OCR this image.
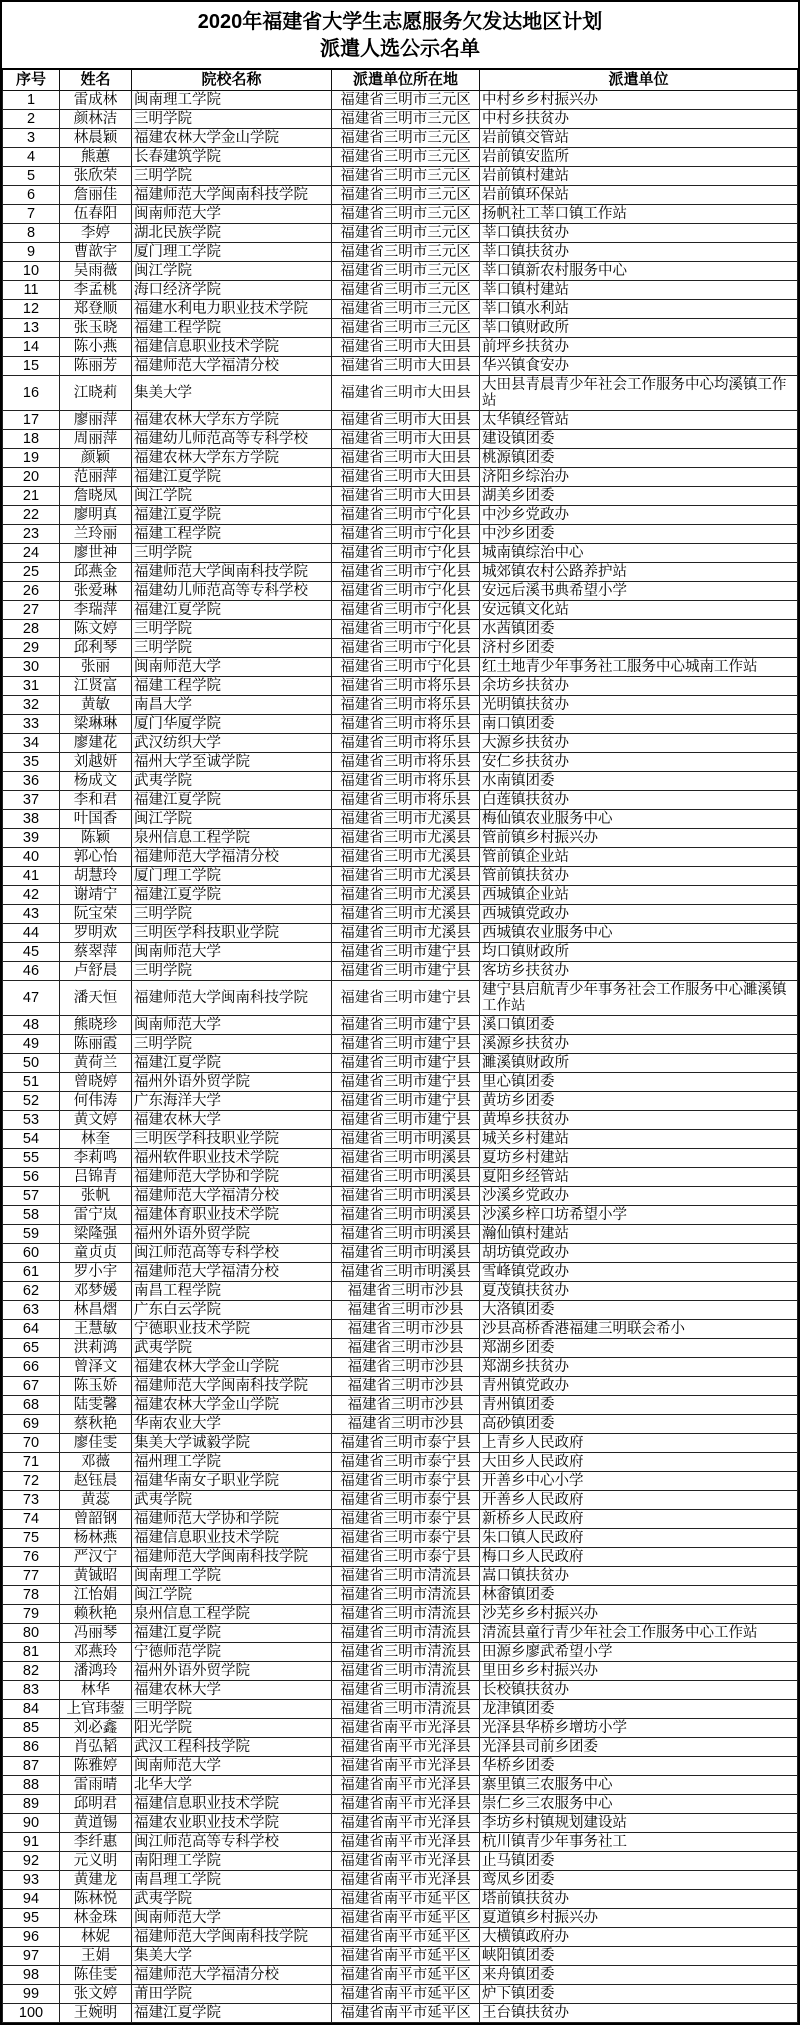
2020年福建省大学生志愿服务欠发达地区计划
派遣人选公示名单
序号	姓名	院校名称	派遣单位所在地	派遣单位
1	雷成林	闽南理工学院	福建省三明市三元区	中村乡乡村振兴办
2	颜林洁	三明学院	福建省三明市三元区	中村乡扶贫办
3	林晨颖	福建农林大学金山学院	福建省三明市三元区	岩前镇交管站
4	熊蕙	长春建筑学院	福建省三明市三元区	岩前镇安监所
5	张欣荣	三明学院	福建省三明市三元区	岩前镇村建站
6	詹丽佳	福建师范大学闽南科技学院	福建省三明市三元区	岩前镇环保站
7	伍春阳	闽南师范大学	福建省三明市三元区	扬帆社工莘口镇工作站
8	李婷	湖北民族学院	福建省三明市三元区	莘口镇扶贫办
9	曹歆宇	厦门理工学院	福建省三明市三元区	莘口镇扶贫办
10	吴雨薇	闽江学院	福建省三明市三元区	莘口镇新农村服务中心
11	李孟桃	海口经济学院	福建省三明市三元区	莘口镇村建站
12	郑登顺	福建水利电力职业技术学院	福建省三明市三元区	莘口镇水利站
13	张玉晓	福建工程学院	福建省三明市三元区	莘口镇财政所
14	陈小燕	福建信息职业技术学院	福建省三明市大田县	前坪乡扶贫办
15	陈丽芳	福建师范大学福清分校	福建省三明市大田县	华兴镇食安办
16	江晓莉	集美大学	福建省三明市大田县	大田县青晨青少年社会工作服务中心均溪镇工作站
17	廖丽萍	福建农林大学东方学院	福建省三明市大田县	太华镇经管站
18	周丽萍	福建幼儿师范高等专科学校	福建省三明市大田县	建设镇团委
19	颜颖	福建农林大学东方学院	福建省三明市大田县	桃源镇团委
20	范丽萍	福建江夏学院	福建省三明市大田县	济阳乡综治办
21	詹晓凤	闽江学院	福建省三明市大田县	湖美乡团委
22	廖明真	福建江夏学院	福建省三明市宁化县	中沙乡党政办
23	兰玲丽	福建工程学院	福建省三明市宁化县	中沙乡团委
24	廖世神	三明学院	福建省三明市宁化县	城南镇综治中心
25	邱燕金	福建师范大学闽南科技学院	福建省三明市宁化县	城郊镇农村公路养护站
26	张爱琳	福建幼儿师范高等专科学校	福建省三明市宁化县	安远后溪书典希望小学
27	李瑞萍	福建江夏学院	福建省三明市宁化县	安远镇文化站
28	陈文婷	三明学院	福建省三明市宁化县	水茜镇团委
29	邱利琴	三明学院	福建省三明市宁化县	济村乡团委
30	张丽	闽南师范大学	福建省三明市宁化县	红土地青少年事务社工服务中心城南工作站
31	江贤富	福建工程学院	福建省三明市将乐县	余坊乡扶贫办
32	黄敏	南昌大学	福建省三明市将乐县	光明镇扶贫办
33	梁琳琳	厦门华厦学院	福建省三明市将乐县	南口镇团委
34	廖建花	武汉纺织大学	福建省三明市将乐县	大源乡扶贫办
35	刘越妍	福州大学至诚学院	福建省三明市将乐县	安仁乡扶贫办
36	杨成文	武夷学院	福建省三明市将乐县	水南镇团委
37	李和君	福建江夏学院	福建省三明市将乐县	白莲镇扶贫办
38	叶国香	闽江学院	福建省三明市尤溪县	梅仙镇农业服务中心
39	陈颖	泉州信息工程学院	福建省三明市尤溪县	管前镇乡村振兴办
40	郭心怡	福建师范大学福清分校	福建省三明市尤溪县	管前镇企业站
41	胡慧玲	厦门理工学院	福建省三明市尤溪县	管前镇扶贫办
42	谢靖宁	福建江夏学院	福建省三明市尤溪县	西城镇企业站
43	阮宝荣	三明学院	福建省三明市尤溪县	西城镇党政办
44	罗明欢	三明医学科技职业学院	福建省三明市尤溪县	西城镇农业服务中心
45	蔡翠萍	闽南师范大学	福建省三明市建宁县	均口镇财政所
46	卢舒晨	三明学院	福建省三明市建宁县	客坊乡扶贫办
47	潘天恒	福建师范大学闽南科技学院	福建省三明市建宁县	建宁县启航青少年事务社会工作服务中心濉溪镇工作站
48	熊晓珍	闽南师范大学	福建省三明市建宁县	溪口镇团委
49	陈丽霞	三明学院	福建省三明市建宁县	溪源乡扶贫办
50	黄荷兰	福建江夏学院	福建省三明市建宁县	濉溪镇财政所
51	曾晓婷	福州外语外贸学院	福建省三明市建宁县	里心镇团委
52	何伟涛	广东海洋大学	福建省三明市建宁县	黄坊乡团委
53	黄文婷	福建农林大学	福建省三明市建宁县	黄埠乡扶贫办
54	林奎	三明医学科技职业学院	福建省三明市明溪县	城关乡村建站
55	李莉鸣	福州软件职业技术学院	福建省三明市明溪县	夏坊乡村建站
56	吕锦青	福建师范大学协和学院	福建省三明市明溪县	夏阳乡经管站
57	张帆	福建师范大学福清分校	福建省三明市明溪县	沙溪乡党政办
58	雷宁岚	福建体育职业技术学院	福建省三明市明溪县	沙溪乡梓口坊希望小学
59	梁隆强	福州外语外贸学院	福建省三明市明溪县	瀚仙镇村建站
60	童贞贞	闽江师范高等专科学校	福建省三明市明溪县	胡坊镇党政办
61	罗小宇	福建师范大学福清分校	福建省三明市明溪县	雪峰镇党政办
62	邓梦媛	南昌工程学院	福建省三明市沙县	夏茂镇扶贫办
63	林昌熠	广东白云学院	福建省三明市沙县	大洛镇团委
64	王慧敏	宁德职业技术学院	福建省三明市沙县	沙县高桥香港福建三明联会希小
65	洪莉鸿	武夷学院	福建省三明市沙县	郑湖乡团委
66	曾泽文	福建农林大学金山学院	福建省三明市沙县	郑湖乡扶贫办
67	陈玉娇	福建师范大学闽南科技学院	福建省三明市沙县	青州镇党政办
68	陆雯馨	福建农林大学金山学院	福建省三明市沙县	青州镇团委
69	蔡秋艳	华南农业大学	福建省三明市沙县	高砂镇团委
70	廖佳雯	集美大学诚毅学院	福建省三明市泰宁县	上青乡人民政府
71	邓薇	福州理工学院	福建省三明市泰宁县	大田乡人民政府
72	赵钰晨	福建华南女子职业学院	福建省三明市泰宁县	开善乡中心小学
73	黄蕊	武夷学院	福建省三明市泰宁县	开善乡人民政府
74	曾韶钢	福建师范大学协和学院	福建省三明市泰宁县	新桥乡人民政府
75	杨林燕	福建信息职业技术学院	福建省三明市泰宁县	朱口镇人民政府
76	严汉宁	福建师范大学闽南科技学院	福建省三明市泰宁县	梅口乡人民政府
77	黄铖昭	闽南理工学院	福建省三明市清流县	嵩口镇扶贫办
78	江怡娟	闽江学院	福建省三明市清流县	林畲镇团委
79	赖秋艳	泉州信息工程学院	福建省三明市清流县	沙芜乡乡村振兴办
80	冯丽琴	福建江夏学院	福建省三明市清流县	清流县童行青少年社会工作服务中心工作站
81	邓燕玲	宁德师范学院	福建省三明市清流县	田源乡廖武希望小学
82	潘鸿玲	福州外语外贸学院	福建省三明市清流县	里田乡乡村振兴办
83	林华	福建农林大学	福建省三明市清流县	长校镇扶贫办
84	上官玮蓥	三明学院	福建省三明市清流县	龙津镇团委
85	刘必鑫	阳光学院	福建省南平市光泽县	光泽县华桥乡增坊小学
86	肖弘韬	武汉工程科技学院	福建省南平市光泽县	光泽县司前乡团委
87	陈雅婷	闽南师范大学	福建省南平市光泽县	华桥乡团委
88	雷雨晴	北华大学	福建省南平市光泽县	寨里镇三农服务中心
89	邱明君	福建信息职业技术学院	福建省南平市光泽县	崇仁乡三农服务中心
90	黄道锡	福建农业职业技术学院	福建省南平市光泽县	李坊乡村镇规划建设站
91	李纤惠	闽江师范高等专科学校	福建省南平市光泽县	杭川镇青少年事务社工
92	元义明	南阳理工学院	福建省南平市光泽县	止马镇团委
93	黄建龙	南昌理工学院	福建省南平市光泽县	鸾凤乡团委
94	陈林悦	武夷学院	福建省南平市延平区	塔前镇扶贫办
95	林金珠	闽南师范大学	福建省南平市延平区	夏道镇乡村振兴办
96	林妮	福建师范大学闽南科技学院	福建省南平市延平区	大横镇政府办
97	王娟	集美大学	福建省南平市延平区	峡阳镇团委
98	陈佳雯	福建师范大学福清分校	福建省南平市延平区	来舟镇团委
99	张文婷	莆田学院	福建省南平市延平区	炉下镇团委
100	王婉明	福建江夏学院	福建省南平市延平区	王台镇扶贫办
